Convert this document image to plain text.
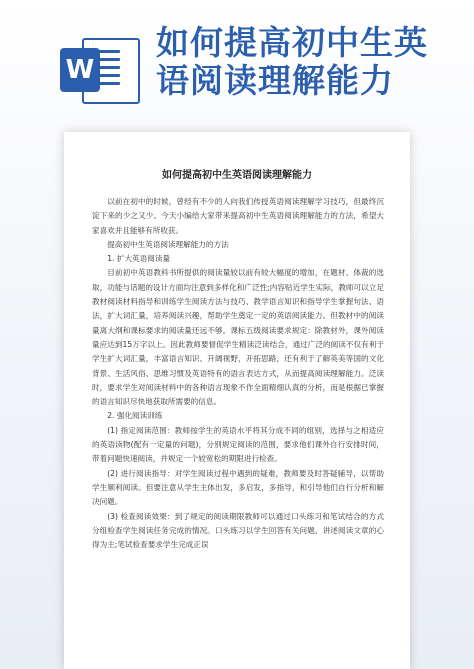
W
如何提高初中生英
语阅读理解能力
如何提高初中生英语阅读理解能力

以前在初中的时候，曾经有不少的人向我们传授英语阅读理解学习技巧，但最终沉淀下来的少之又少。今天小编给大家带来提高初中生英语阅读理解能力的方法，希望大家喜欢并且能够有所收获。

提高初中生英语阅读理解能力的方法

1. 扩大英语阅读量

目前初中英语教科书所提供的阅读量较以前有较大幅度的增加，在题材、体裁的选取，功能与话题的设计方面均注意到多样化和广泛性;内容贴近学生实际，教师可以立足教材阅读材料指导和训练学生阅读方法与技巧、教学语言知识和指导学生掌握句法、语法，扩大词汇量，培养阅读兴趣，帮助学生奠定一定的英语阅读能力。但教材中的阅读量离大纲和课标要求的阅读量还远不够。课标五级阅读要求规定：除教材外，课外阅读量应达到15万字以上。因此教师要督促学生精读泛读结合，通过广泛的阅读不仅有利于学生扩大词汇量，丰富语言知识、开阔视野，开拓思路，还有利于了解英美等国的文化背景、生活风俗、思维习惯及英语特有的语言表达方式，从而提高阅读理解能力。泛读时，要求学生对阅读材料中的各种语言现象不作全面精细认真的分析，而是根据已掌握的语言知识尽快地获取所需要的信息。

2. 强化阅读训练

(1) 指定阅读范围：教师按学生的英语水平将其分成不同的组别，选择与之相适应的英语读物(配有一定量的问题)，分别规定阅读的范围，要求他们课外自行安排时间，带着问题快速阅读，并规定一个较宽松的期限进行检查。

(2) 进行阅读指导：对学生阅读过程中遇到的疑难，教师要及时答疑辅导，以帮助学生顺利阅读。但要注意从学生主体出发，多启发，多指导，和引导他们自行分析和解决问题。

(3) 检查阅读效果：到了规定的阅读期限教师可以通过口头练习和笔试结合的方式分组检查学生阅读任务完成的情况。口头练习以学生回答有关问题、讲述阅读文章的心得为主;笔试检查要求学生完成正误
